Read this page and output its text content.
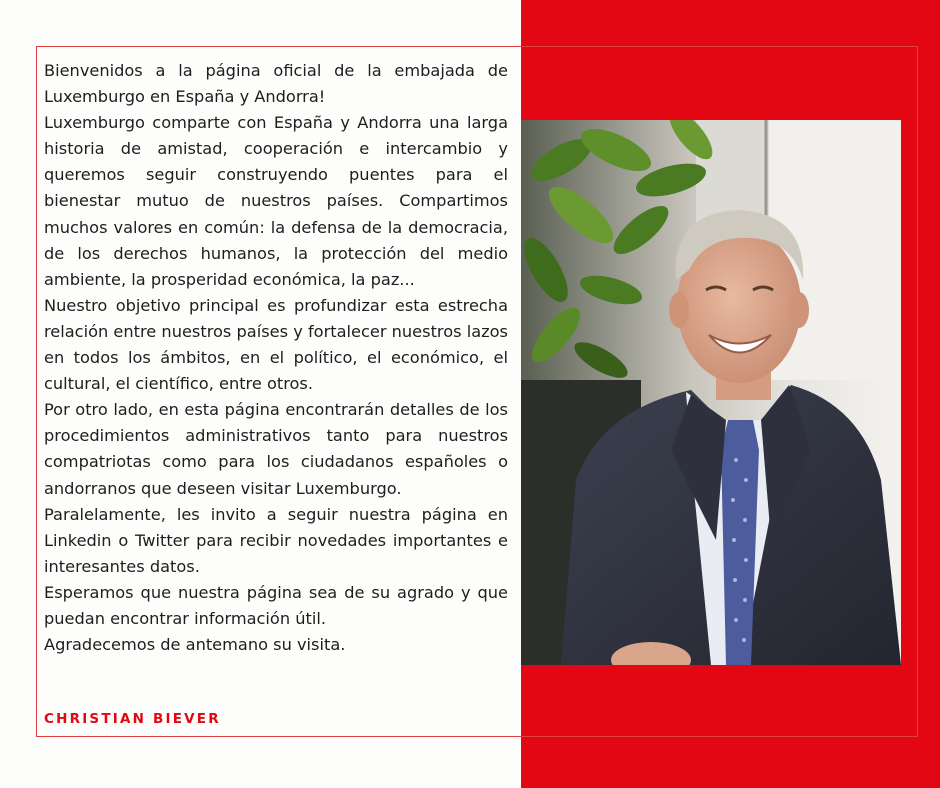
Bienvenidos a la página oficial de la embajada de Luxemburgo en España y Andorra!

Luxemburgo comparte con España y Andorra una larga historia de amistad, cooperación e intercambio y queremos seguir construyendo puentes para el bienestar mutuo de nuestros países. Compartimos muchos valores en común: la defensa de la democracia, de los derechos humanos, la protección del medio ambiente, la prosperidad económica, la paz...

Nuestro objetivo principal es profundizar esta estrecha relación entre nuestros países y fortalecer nuestros lazos en todos los ámbitos, en el político, el económico, el cultural, el científico, entre otros.

Por otro lado, en esta página encontrarán detalles de los procedimientos administrativos tanto para nuestros compatriotas como para los ciudadanos españoles o andorranos que deseen visitar Luxemburgo.

Paralelamente, les invito a seguir nuestra página en Linkedin o Twitter para recibir novedades importantes e interesantes datos.

Esperamos que nuestra página sea de su agrado y que puedan encontrar información útil.

Agradecemos de antemano su visita.

CHRISTIAN BIEVER
